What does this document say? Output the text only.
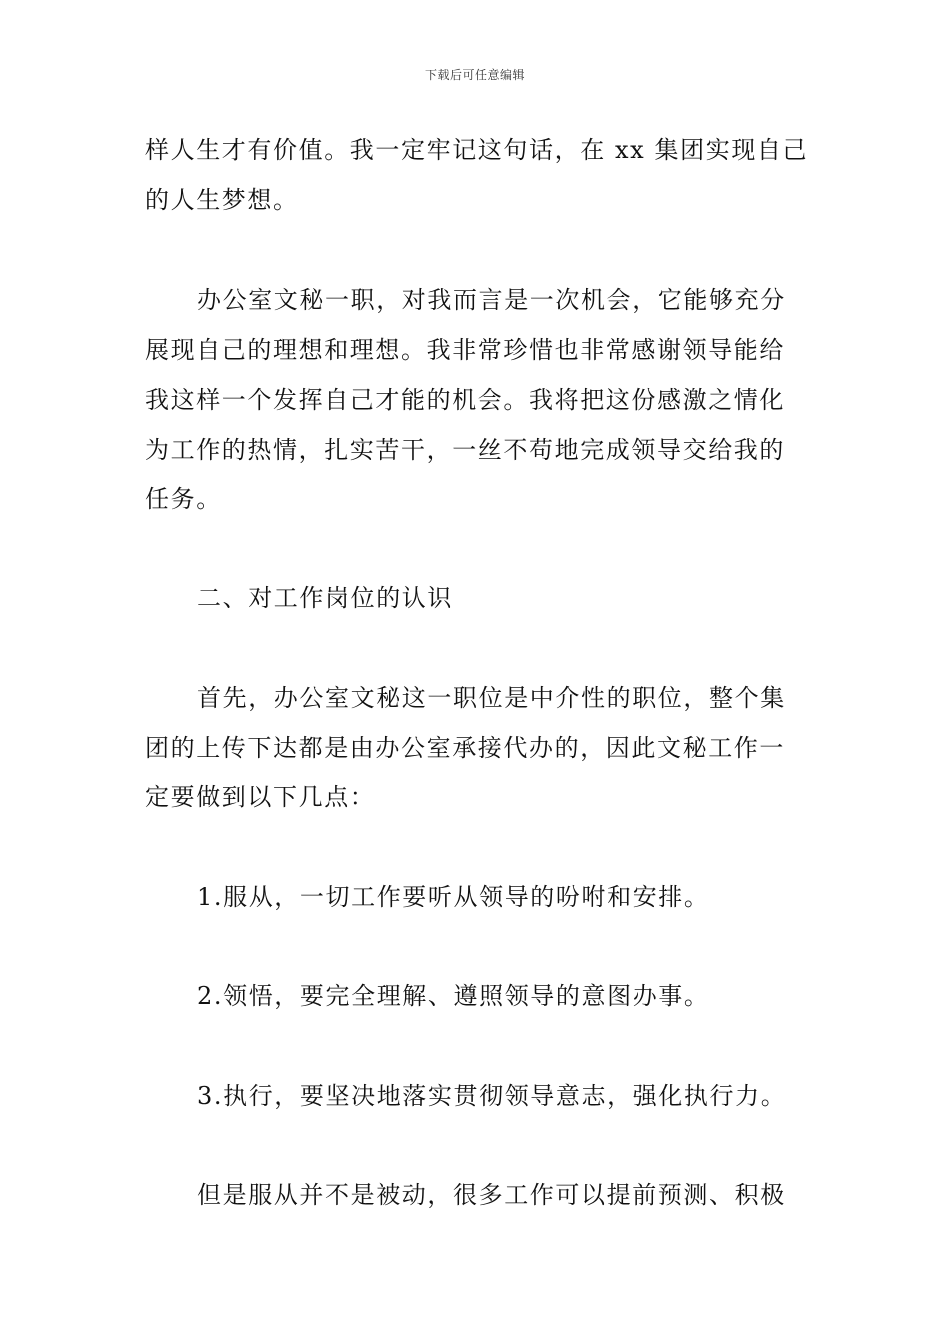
下载后可任意编辑
样人生才有价值。我一定牢记这句话，在 xx 集团实现自己
的人生梦想。
办公室文秘一职，对我而言是一次机会，它能够充分
展现自己的理想和理想。我非常珍惜也非常感谢领导能给
我这样一个发挥自己才能的机会。我将把这份感激之情化
为工作的热情，扎实苦干，一丝不苟地完成领导交给我的
任务。
二、对工作岗位的认识
首先，办公室文秘这一职位是中介性的职位，整个集
团的上传下达都是由办公室承接代办的，因此文秘工作一
定要做到以下几点：
1.服从，一切工作要听从领导的吩咐和安排。
2.领悟，要完全理解、遵照领导的意图办事。
3.执行，要坚决地落实贯彻领导意志，强化执行力。
但是服从并不是被动，很多工作可以提前预测、积极
